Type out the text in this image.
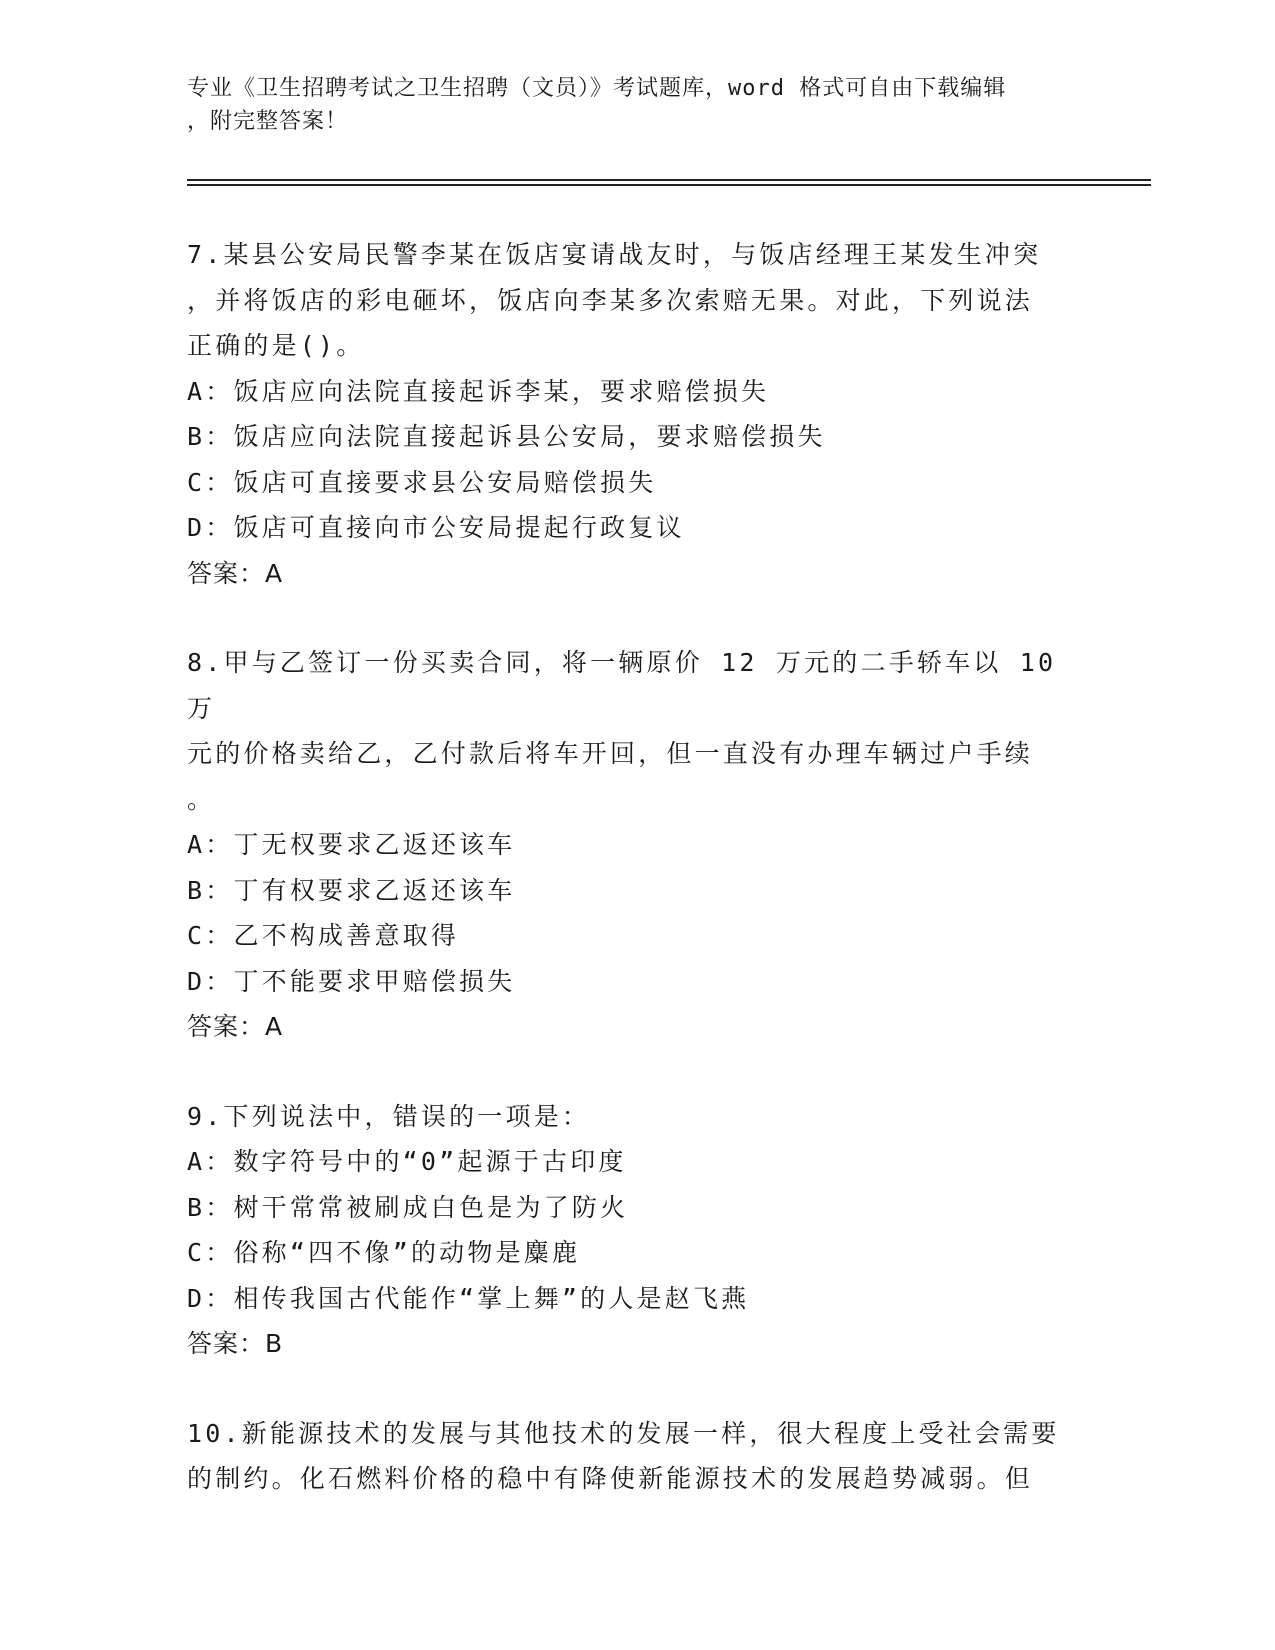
专业《卫生招聘考试之卫生招聘（文员）》考试题库，word 格式可自由下载编辑
，附完整答案！
7.某县公安局民警李某在饭店宴请战友时，与饭店经理王某发生冲突
，并将饭店的彩电砸坏，饭店向李某多次索赔无果。对此，下列说法
正确的是()。
A：饭店应向法院直接起诉李某，要求赔偿损失
B：饭店应向法院直接起诉县公安局，要求赔偿损失
C：饭店可直接要求县公安局赔偿损失
D：饭店可直接向市公安局提起行政复议
答案：A
8.甲与乙签订一份买卖合同，将一辆原价 12 万元的二手轿车以 10 万
元的价格卖给乙，乙付款后将车开回，但一直没有办理车辆过户手续
。
A：丁无权要求乙返还该车
B：丁有权要求乙返还该车
C：乙不构成善意取得
D：丁不能要求甲赔偿损失
答案：A
9.下列说法中，错误的一项是：
A：数字符号中的“0”起源于古印度
B：树干常常被刷成白色是为了防火
C：俗称“四不像”的动物是麋鹿
D：相传我国古代能作“掌上舞”的人是赵飞燕
答案：B
10.新能源技术的发展与其他技术的发展一样，很大程度上受社会需要
的制约。化石燃料价格的稳中有降使新能源技术的发展趋势减弱。但
